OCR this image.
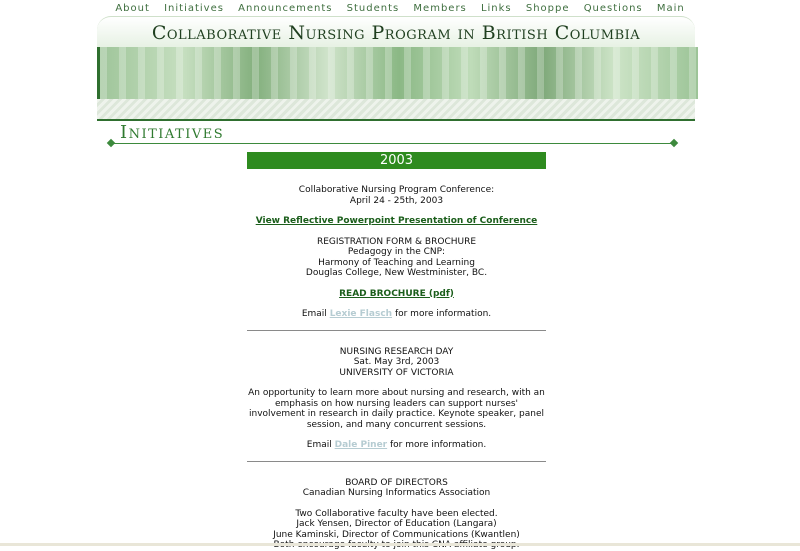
About Initiatives Announcements Students Members Links Shoppe Questions Main
Collaborative Nursing Program in British Columbia
Initiatives
2003

Collaborative Nursing Program Conference:

April 24 - 25th, 2003

View Reflective Powerpoint Presentation of Conference

REGISTRATION FORM & BROCHURE

Pedagogy in the CNP:

Harmony of Teaching and Learning

Douglas College, New Westminister, BC.

READ BROCHURE (pdf)

Email Lexie Flasch for more information.

NURSING RESEARCH DAY

Sat. May 3rd, 2003

UNIVERSITY OF VICTORIA

An opportunity to learn more about nursing and research, with an emphasis on how nursing leaders can support nurses' involvement in research in daily practice. Keynote speaker, panel session, and many concurrent sessions.

Email Dale Piner for more information.

BOARD OF DIRECTORS

Canadian Nursing Informatics Association

Two Collaborative faculty have been elected.

Jack Yensen, Director of Education (Langara)

June Kaminski, Director of Communications (Kwantlen)
